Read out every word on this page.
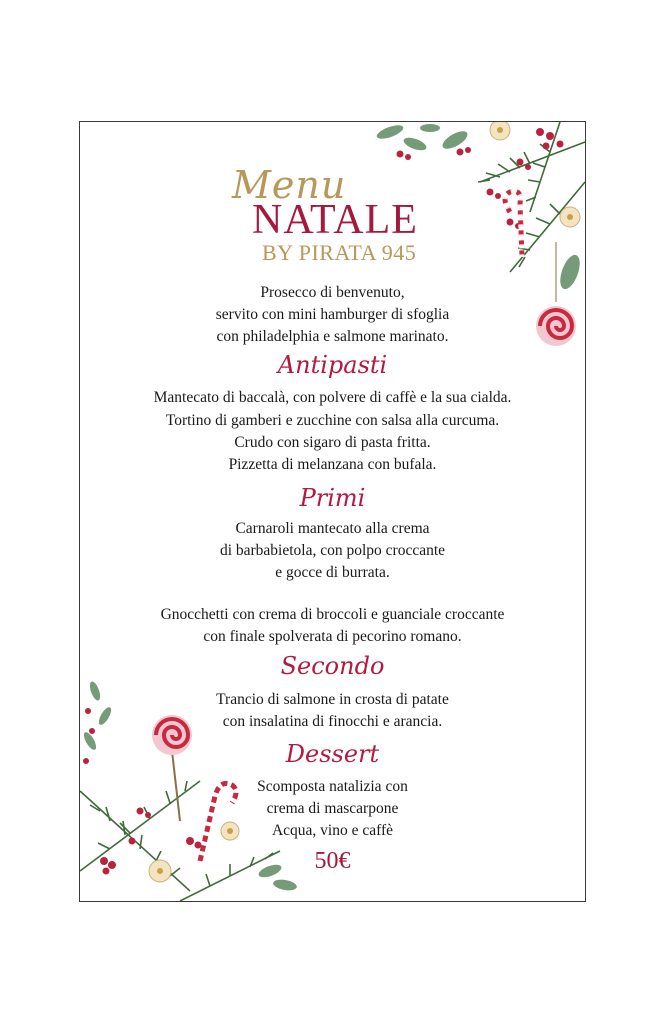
Menu
NATALE
BY PIRATA 945
Prosecco di benvenuto,
servito con mini hamburger di sfoglia
con philadelphia e salmone marinato.
Antipasti
Mantecato di baccalà, con polvere di caffè e la sua cialda.
Tortino di gamberi e zucchine con salsa alla curcuma.
Crudo con sigaro di pasta fritta.
Pizzetta di melanzana con bufala.
Primi
Carnaroli mantecato alla crema
di barbabietola, con polpo croccante
e gocce di burrata.
Gnocchetti con crema di broccoli e guanciale croccante
con finale spolverata di pecorino romano.
Secondo
Trancio di salmone in crosta di patate
con insalatina di finocchi e arancia.
Dessert
Scomposta natalizia con
crema di mascarpone
Acqua, vino e caffè
50€
